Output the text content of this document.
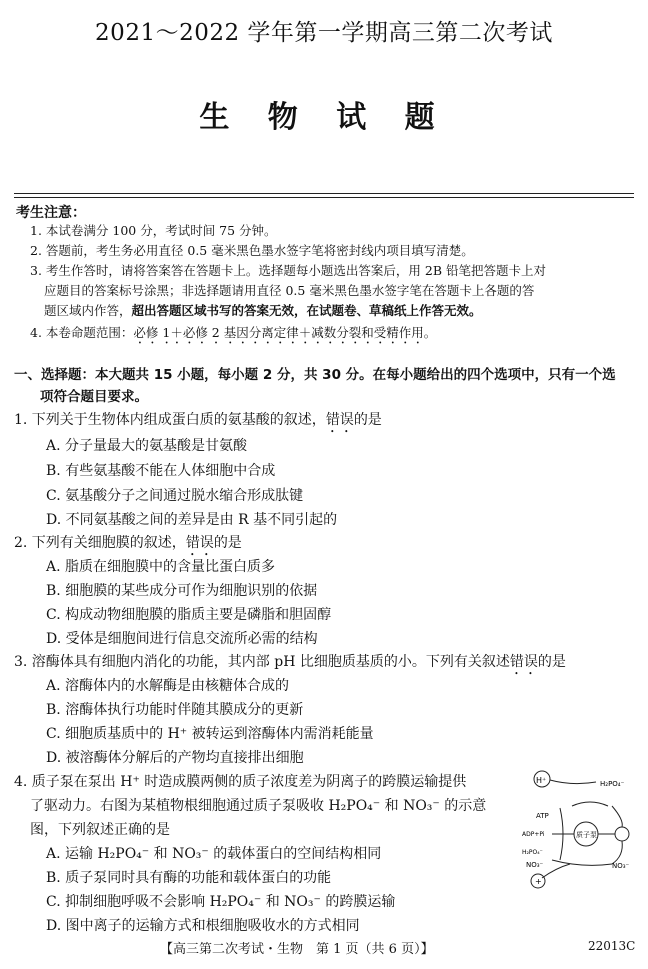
2021～2022 学年第一学期高三第二次考试
生 物 试 题
考生注意：
1. 本试卷满分 100 分，考试时间 75 分钟。
2. 答题前，考生务必用直径 0.5 毫米黑色墨水签字笔将密封线内项目填写清楚。
3. 考生作答时，请将答案答在答题卡上。选择题每小题选出答案后，用 2B 铅笔把答题卡上对
应题目的答案标号涂黑；非选择题请用直径 0.5 毫米黑色墨水签字笔在答题卡上各题的答
题区域内作答，超出答题区域书写的答案无效，在试题卷、草稿纸上作答无效。
4. 本卷命题范围：必修 1＋必修 2 基因分离定律＋减数分裂和受精作用。
一、选择题：本大题共 15 小题，每小题 2 分，共 30 分。在每小题给出的四个选项中，只有一个选
项符合题目要求。
1. 下列关于生物体内组成蛋白质的氨基酸的叙述，错误的是
A. 分子量最大的氨基酸是甘氨酸
B. 有些氨基酸不能在人体细胞中合成
C. 氨基酸分子之间通过脱水缩合形成肽键
D. 不同氨基酸之间的差异是由 R 基不同引起的
2. 下列有关细胞膜的叙述，错误的是
A. 脂质在细胞膜中的含量比蛋白质多
B. 细胞膜的某些成分可作为细胞识别的依据
C. 构成动物细胞膜的脂质主要是磷脂和胆固醇
D. 受体是细胞间进行信息交流所必需的结构
3. 溶酶体具有细胞内消化的功能，其内部 pH 比细胞质基质的小。下列有关叙述错误的是
A. 溶酶体内的水解酶是由核糖体合成的
B. 溶酶体执行功能时伴随其膜成分的更新
C. 细胞质基质中的 H⁺ 被转运到溶酶体内需消耗能量
D. 被溶酶体分解后的产物均直接排出细胞
4. 质子泵在泵出 H⁺ 时造成膜两侧的质子浓度差为阴离子的跨膜运输提供
了驱动力。右图为某植物根细胞通过质子泵吸收 H₂PO₄⁻ 和 NO₃⁻ 的示意
图，下列叙述正确的是
A. 运输 H₂PO₄⁻ 和 NO₃⁻ 的载体蛋白的空间结构相同
B. 质子泵同时具有酶的功能和载体蛋白的功能
C. 抑制细胞呼吸不会影响 H₂PO₄⁻ 和 NO₃⁻ 的跨膜运输
D. 图中离子的运输方式和根细胞吸收水的方式相同
H⁺	H₂PO₄⁻
ATP
ADP+Pi	质子泵
H₂PO₄⁻
NO₃⁻	NO₃⁻
+
【高三第二次考试・生物　第 1 页（共 6 页）】	22013C
